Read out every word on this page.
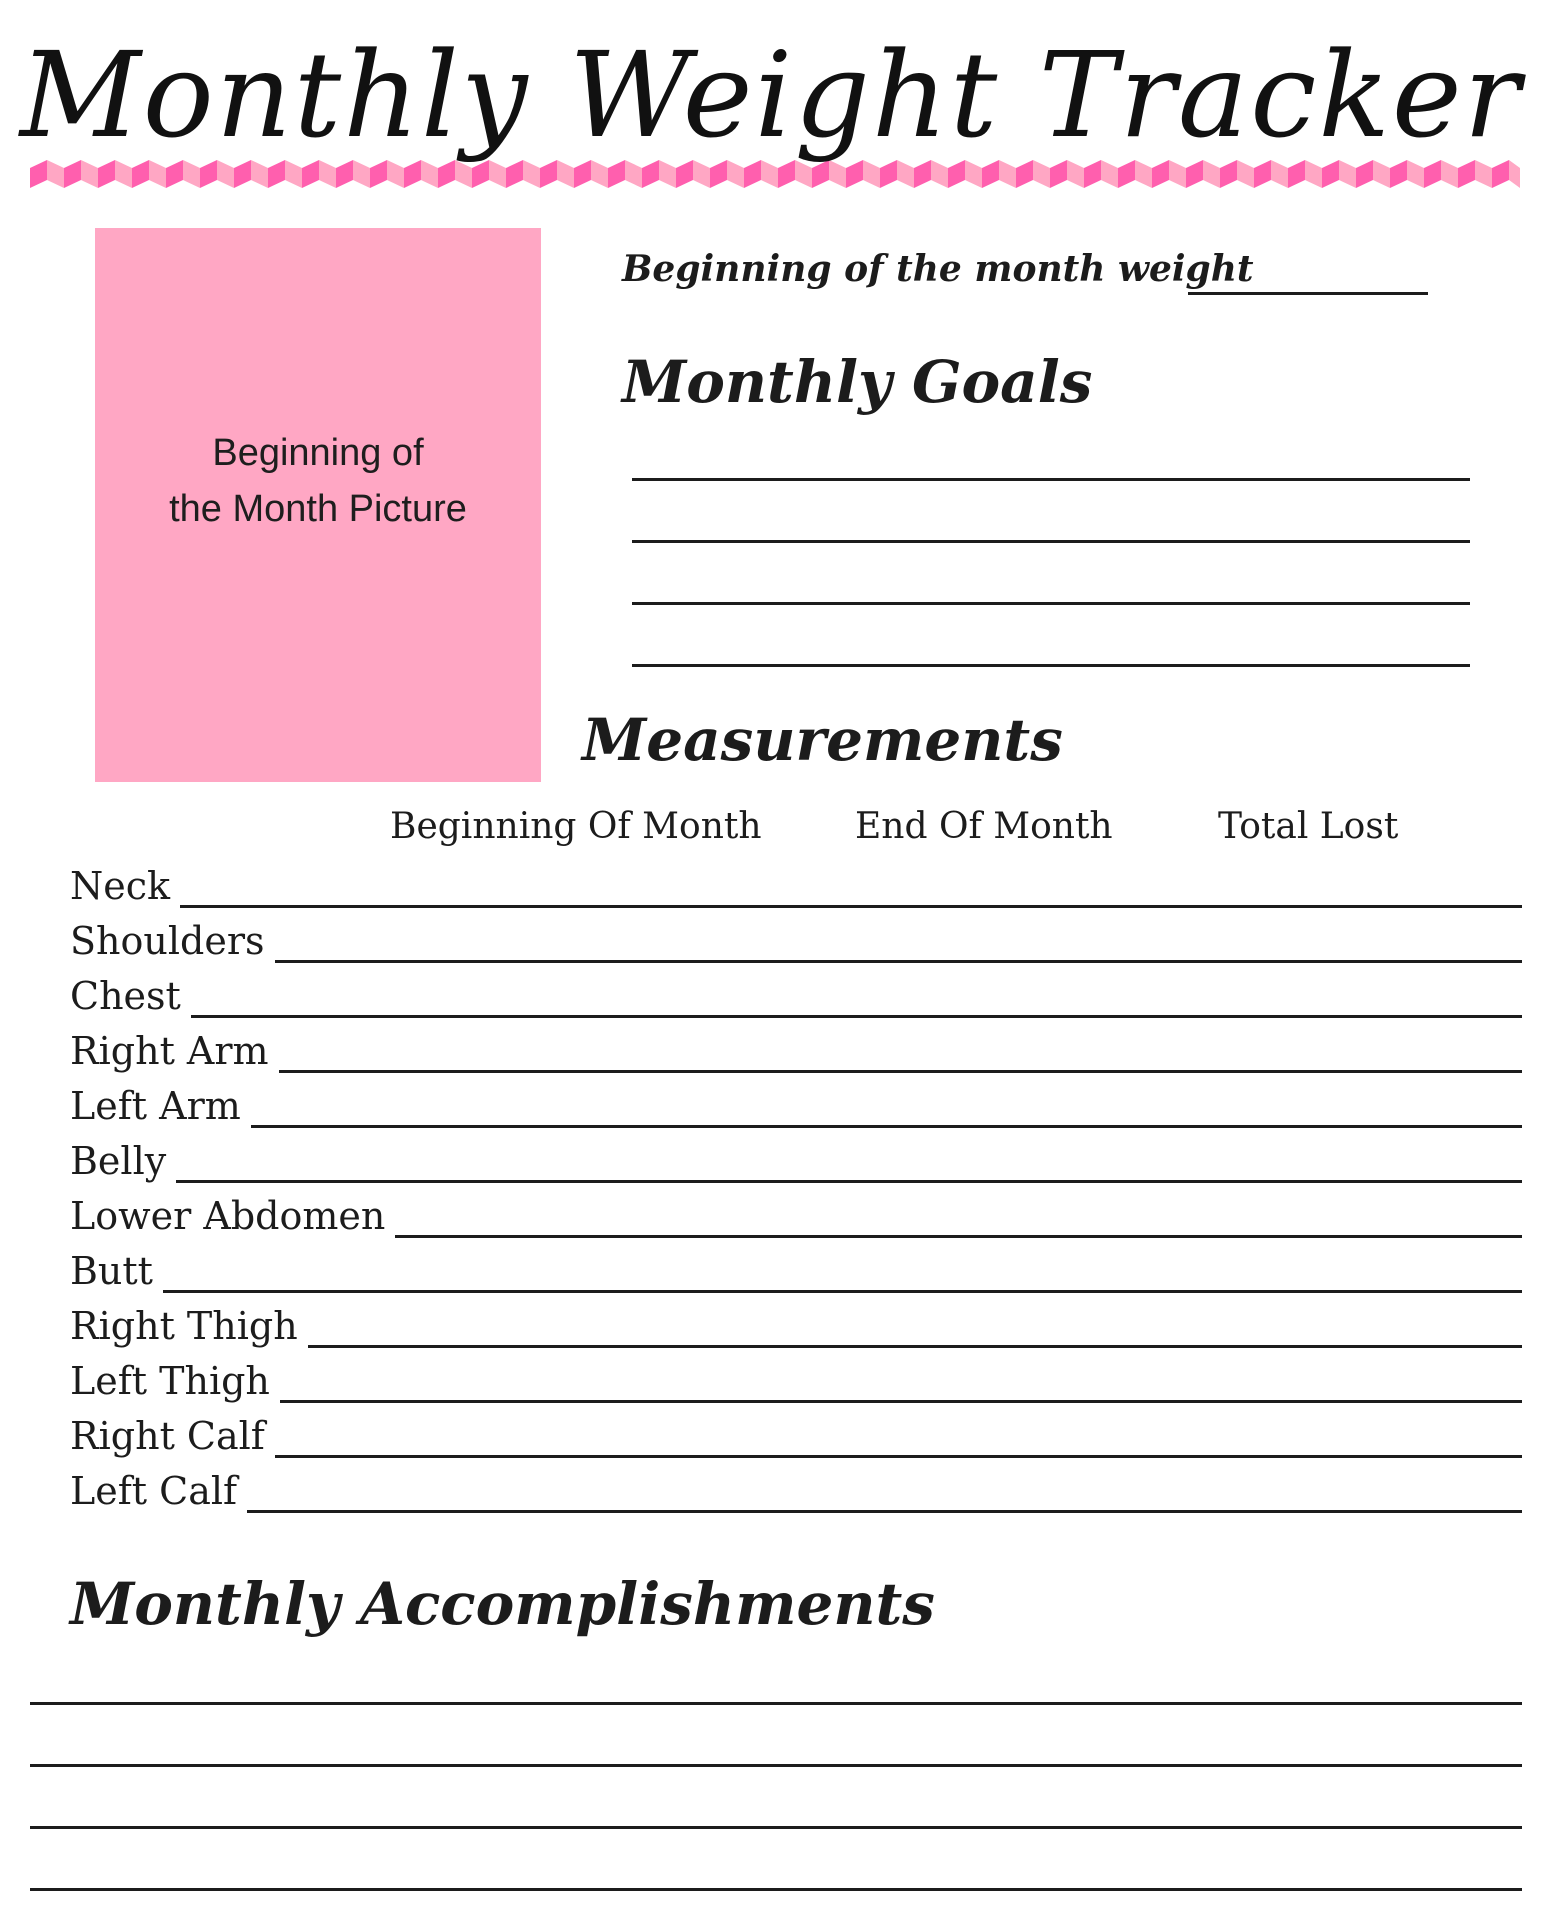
Monthly Weight Tracker
Beginning of
the Month Picture
Beginning of the month weight
Monthly Goals
Measurements
Beginning Of Month	End Of Month	Total Lost
Neck
Shoulders
Chest
Right Arm
Left Arm
Belly
Lower Abdomen
Butt
Right Thigh
Left Thigh
Right Calf
Left Calf
Monthly Accomplishments
